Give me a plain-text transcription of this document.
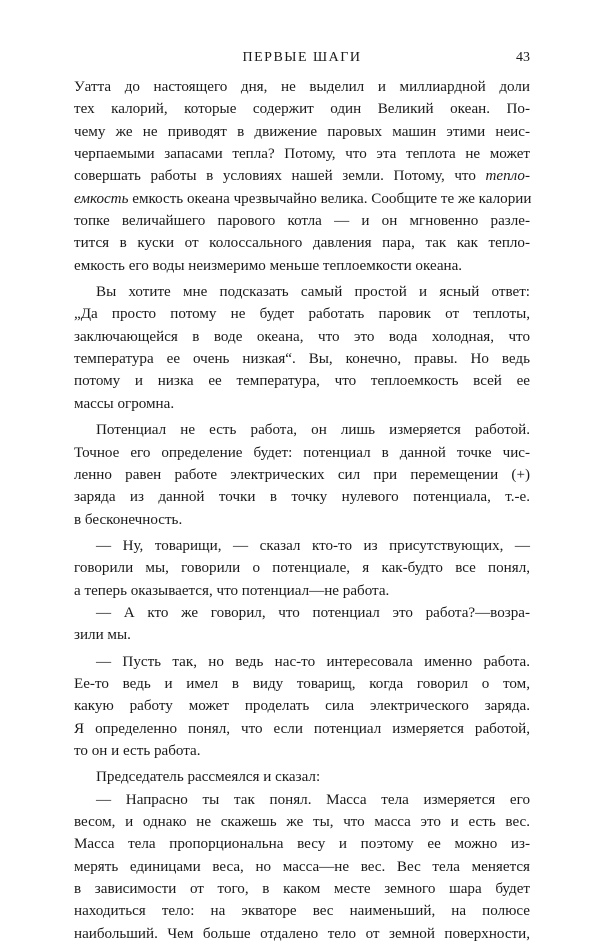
ПЕРВЫЕ ШАГИ	43
Уатта до настоящего дня, не выделил и миллиардной доли
тех калорий, которые содержит один Великий океан. По-
чему же не приводят в движение паровых машин этими неис-
черпаемыми запасами тепла? Потому, что эта теплота не может
совершать работы в условиях нашей земли. Потому, что тепло-
емкость емкость океана чрезвычайно велика. Сообщите те же калории
топке величайшего парового котла — и он мгновенно разле-
тится в куски от колоссального давления пара, так как тепло-
емкость его воды неизмеримо меньше теплоемкости океана.
Вы хотите мне подсказать самый простой и ясный ответ:
„Да просто потому не будет работать паровик от теплоты,
заключающейся в воде океана, что это вода холодная, что
температура ее очень низкая“. Вы, конечно, правы. Но ведь
потому и низка ее температура, что теплоемкость всей ее
массы огромна.
Потенциал не есть работа, он лишь измеряется работой.
Точное его определение будет: потенциал в данной точке чис-
ленно равен работе электрических сил при перемещении (+)
заряда из данной точки в точку нулевого потенциала, т.-е.
в бесконечность.
— Ну, товарищи, — сказал кто-то из присутствующих, —
говорили мы, говорили о потенциале, я как-будто все понял,
а теперь оказывается, что потенциал—не работа.
— А кто же говорил, что потенциал это работа?—возра-
зили мы.
— Пусть так, но ведь нас-то интересовала именно работа.
Ее-то ведь и имел в виду товарищ, когда говорил о том,
какую работу может проделать сила электрического заряда.
Я определенно понял, что если потенциал измеряется работой,
то он и есть работа.
Председатель рассмеялся и сказал:
— Напрасно ты так понял. Масса тела измеряется его
весом, и однако не скажешь же ты, что масса это и есть вес.
Масса тела пропорциональна весу и поэтому ее можно из-
мерять единицами веса, но масса—не вес. Вес тела меняется
в зависимости от того, в каком месте земного шара будет
находиться тело: на экваторе вес наименьший, на полюсе
наибольший. Чем больше отдалено тело от земной поверхности,
